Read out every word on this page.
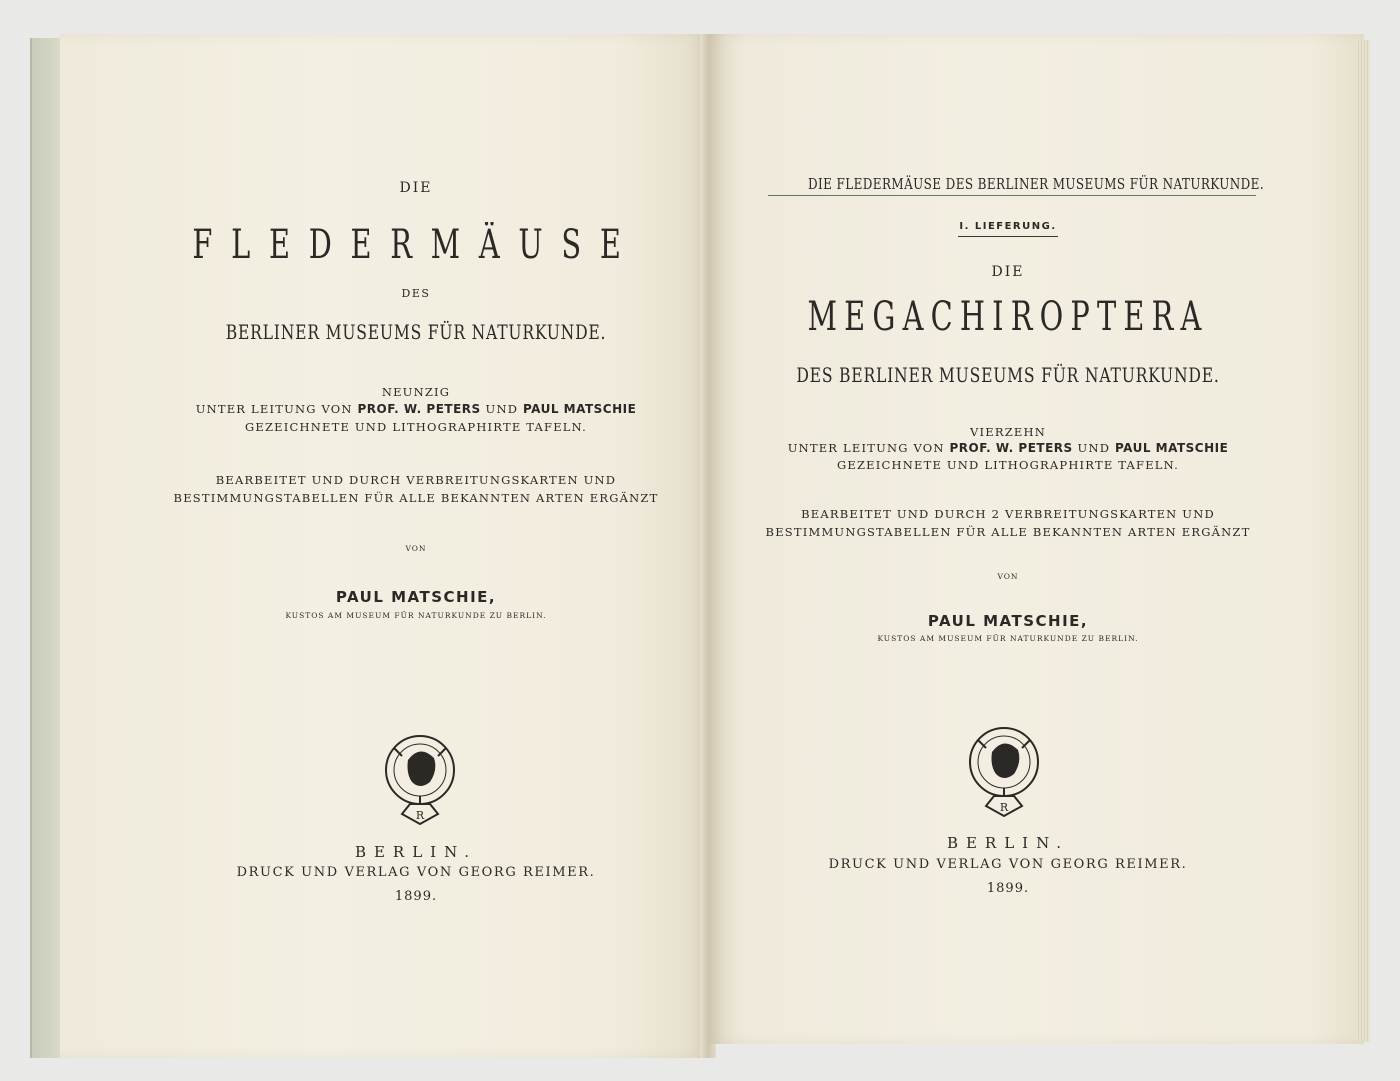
DIE
FLEDERMÄUSE
DES
BERLINER MUSEUMS FÜR NATURKUNDE.
NEUNZIG
UNTER LEITUNG VON PROF. W. PETERS UND PAUL MATSCHIE
GEZEICHNETE UND LITHOGRAPHIRTE TAFELN.
BEARBEITET UND DURCH VERBREITUNGSKARTEN UND
BESTIMMUNGSTABELLEN FÜR ALLE BEKANNTEN ARTEN ERGÄNZT
VON
PAUL MATSCHIE,
KUSTOS AM MUSEUM FÜR NATURKUNDE ZU BERLIN.
R
BERLIN.
DRUCK UND VERLAG VON GEORG REIMER.
1899.
DIE FLEDERMÄUSE DES BERLINER MUSEUMS FÜR NATURKUNDE.
I. LIEFERUNG.
DIE
MEGACHIROPTERA
DES BERLINER MUSEUMS FÜR NATURKUNDE.
VIERZEHN
UNTER LEITUNG VON PROF. W. PETERS UND PAUL MATSCHIE
GEZEICHNETE UND LITHOGRAPHIRTE TAFELN.
BEARBEITET UND DURCH 2 VERBREITUNGSKARTEN UND
BESTIMMUNGSTABELLEN FÜR ALLE BEKANNTEN ARTEN ERGÄNZT
VON
PAUL MATSCHIE,
KUSTOS AM MUSEUM FÜR NATURKUNDE ZU BERLIN.
R
BERLIN.
DRUCK UND VERLAG VON GEORG REIMER.
1899.
